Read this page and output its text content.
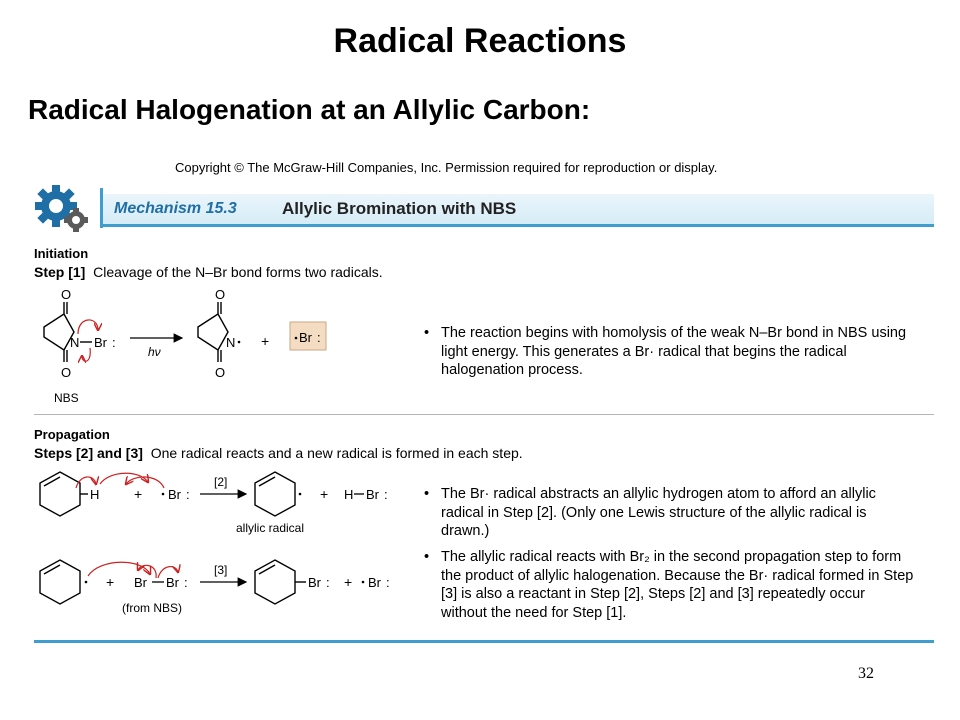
Radical Reactions
Radical Halogenation at an Allylic Carbon:
Copyright © The McGraw-Hill Companies, Inc. Permission required for reproduction or display.
Mechanism 15.3	Allylic Bromination with NBS
Initiation
Step [1] Cleavage of the N–Br bond forms two radicals.
O
O
N Br :
NBS
hν
O
O
N + Br :	• The reaction begins with homolysis of the weak N–Br bond in NBS using light energy. This generates a Br· radical that begins the radical halogenation process.
Propagation
Steps [2] and [3] One radical reacts and a new radical is formed in each step.
H + Br :
[2]
allylic radical
+ H Br :
+ Br Br :
(from NBS)
[3]
Br : + Br :
• The Br· radical abstracts an allylic hydrogen atom to afford an allylic radical in Step [2]. (Only one Lewis structure of the allylic radical is drawn.)
• The allylic radical reacts with Br₂ in the second propagation step to form the product of allylic halogenation. Because the Br· radical formed in Step [3] is also a reactant in Step [2], Steps [2] and [3] repeatedly occur without the need for Step [1].
32
